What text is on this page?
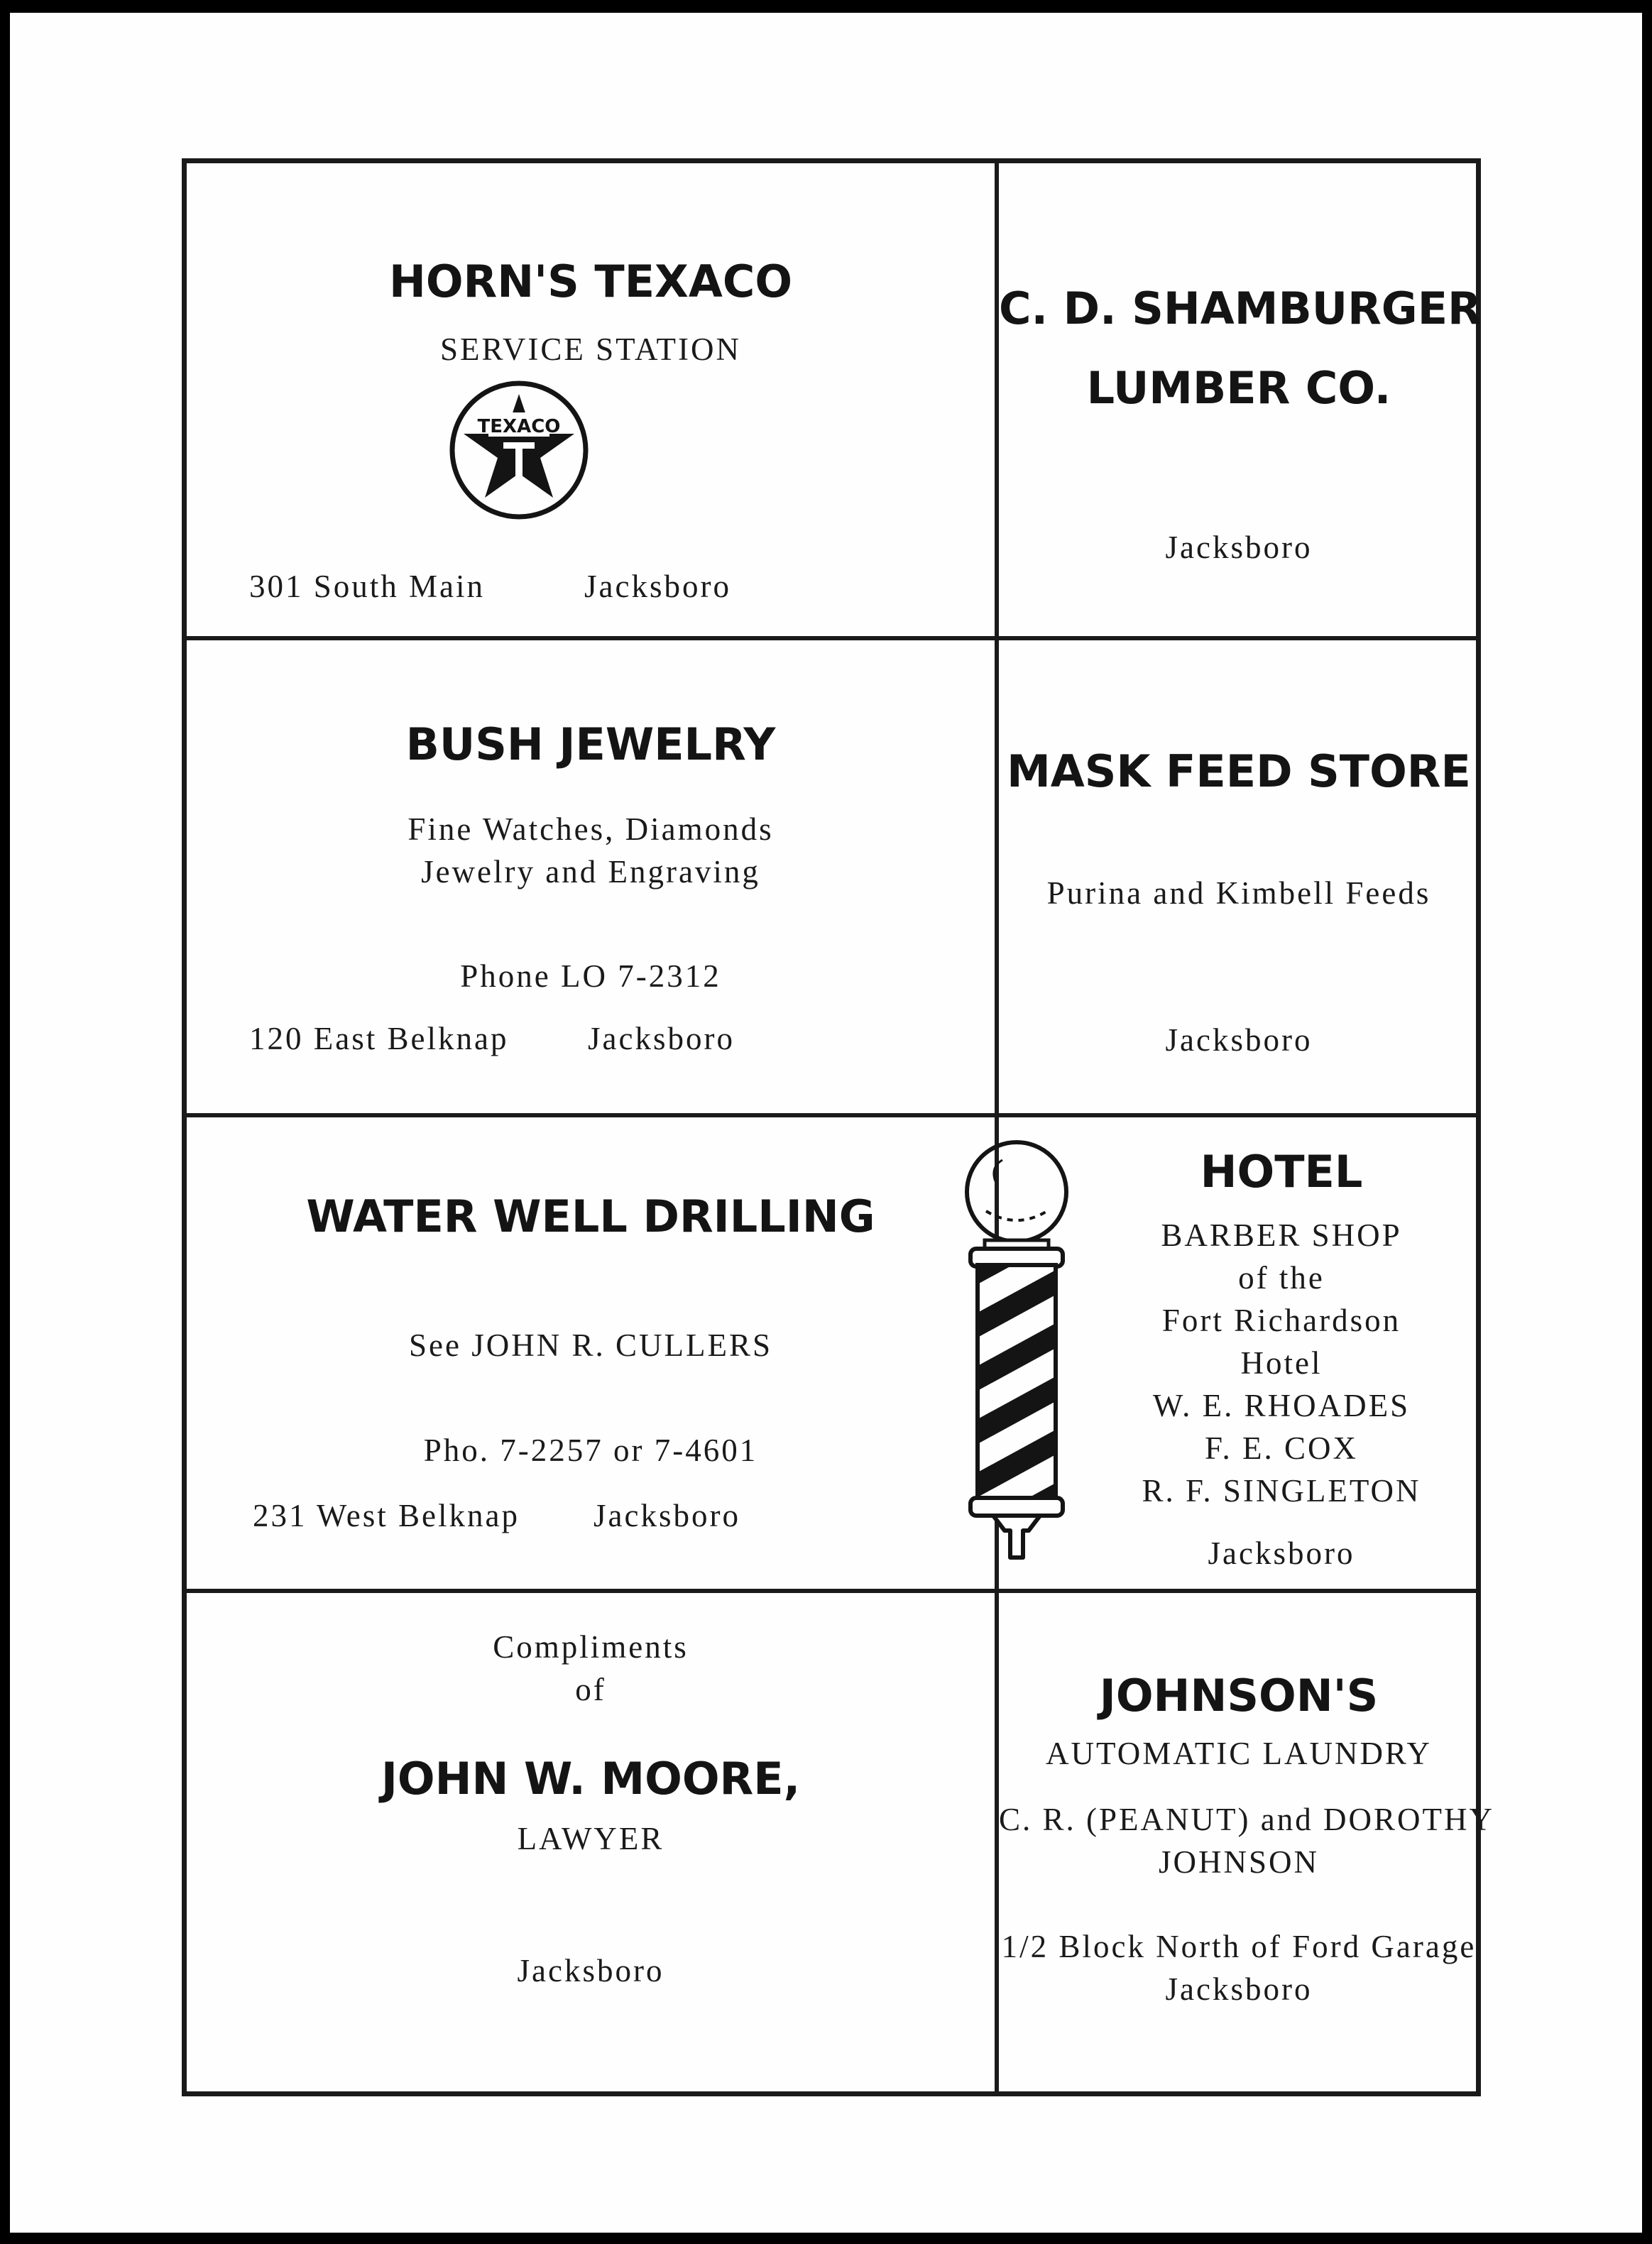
HORN'S TEXACO
SERVICE STATION
TEXACO
301 South Main	Jacksboro
C. D. SHAMBURGER
LUMBER CO.
Jacksboro
BUSH JEWELRY
Fine Watches, Diamonds
Jewelry and Engraving
Phone LO 7-2312
120 East Belknap Jacksboro
MASK FEED STORE
Purina and Kimbell Feeds
Jacksboro
WATER WELL DRILLING
See JOHN R. CULLERS
Pho. 7-2257 or 7-4601
231 West Belknap Jacksboro
HOTEL
BARBER SHOP
of the
Fort Richardson
Hotel
W. E. RHOADES
F. E. COX
R. F. SINGLETON
Jacksboro
Compliments
of
JOHN W. MOORE,
LAWYER
Jacksboro
JOHNSON'S
AUTOMATIC LAUNDRY
C. R. (PEANUT) and DOROTHY
JOHNSON
1/2 Block North of Ford Garage
Jacksboro
